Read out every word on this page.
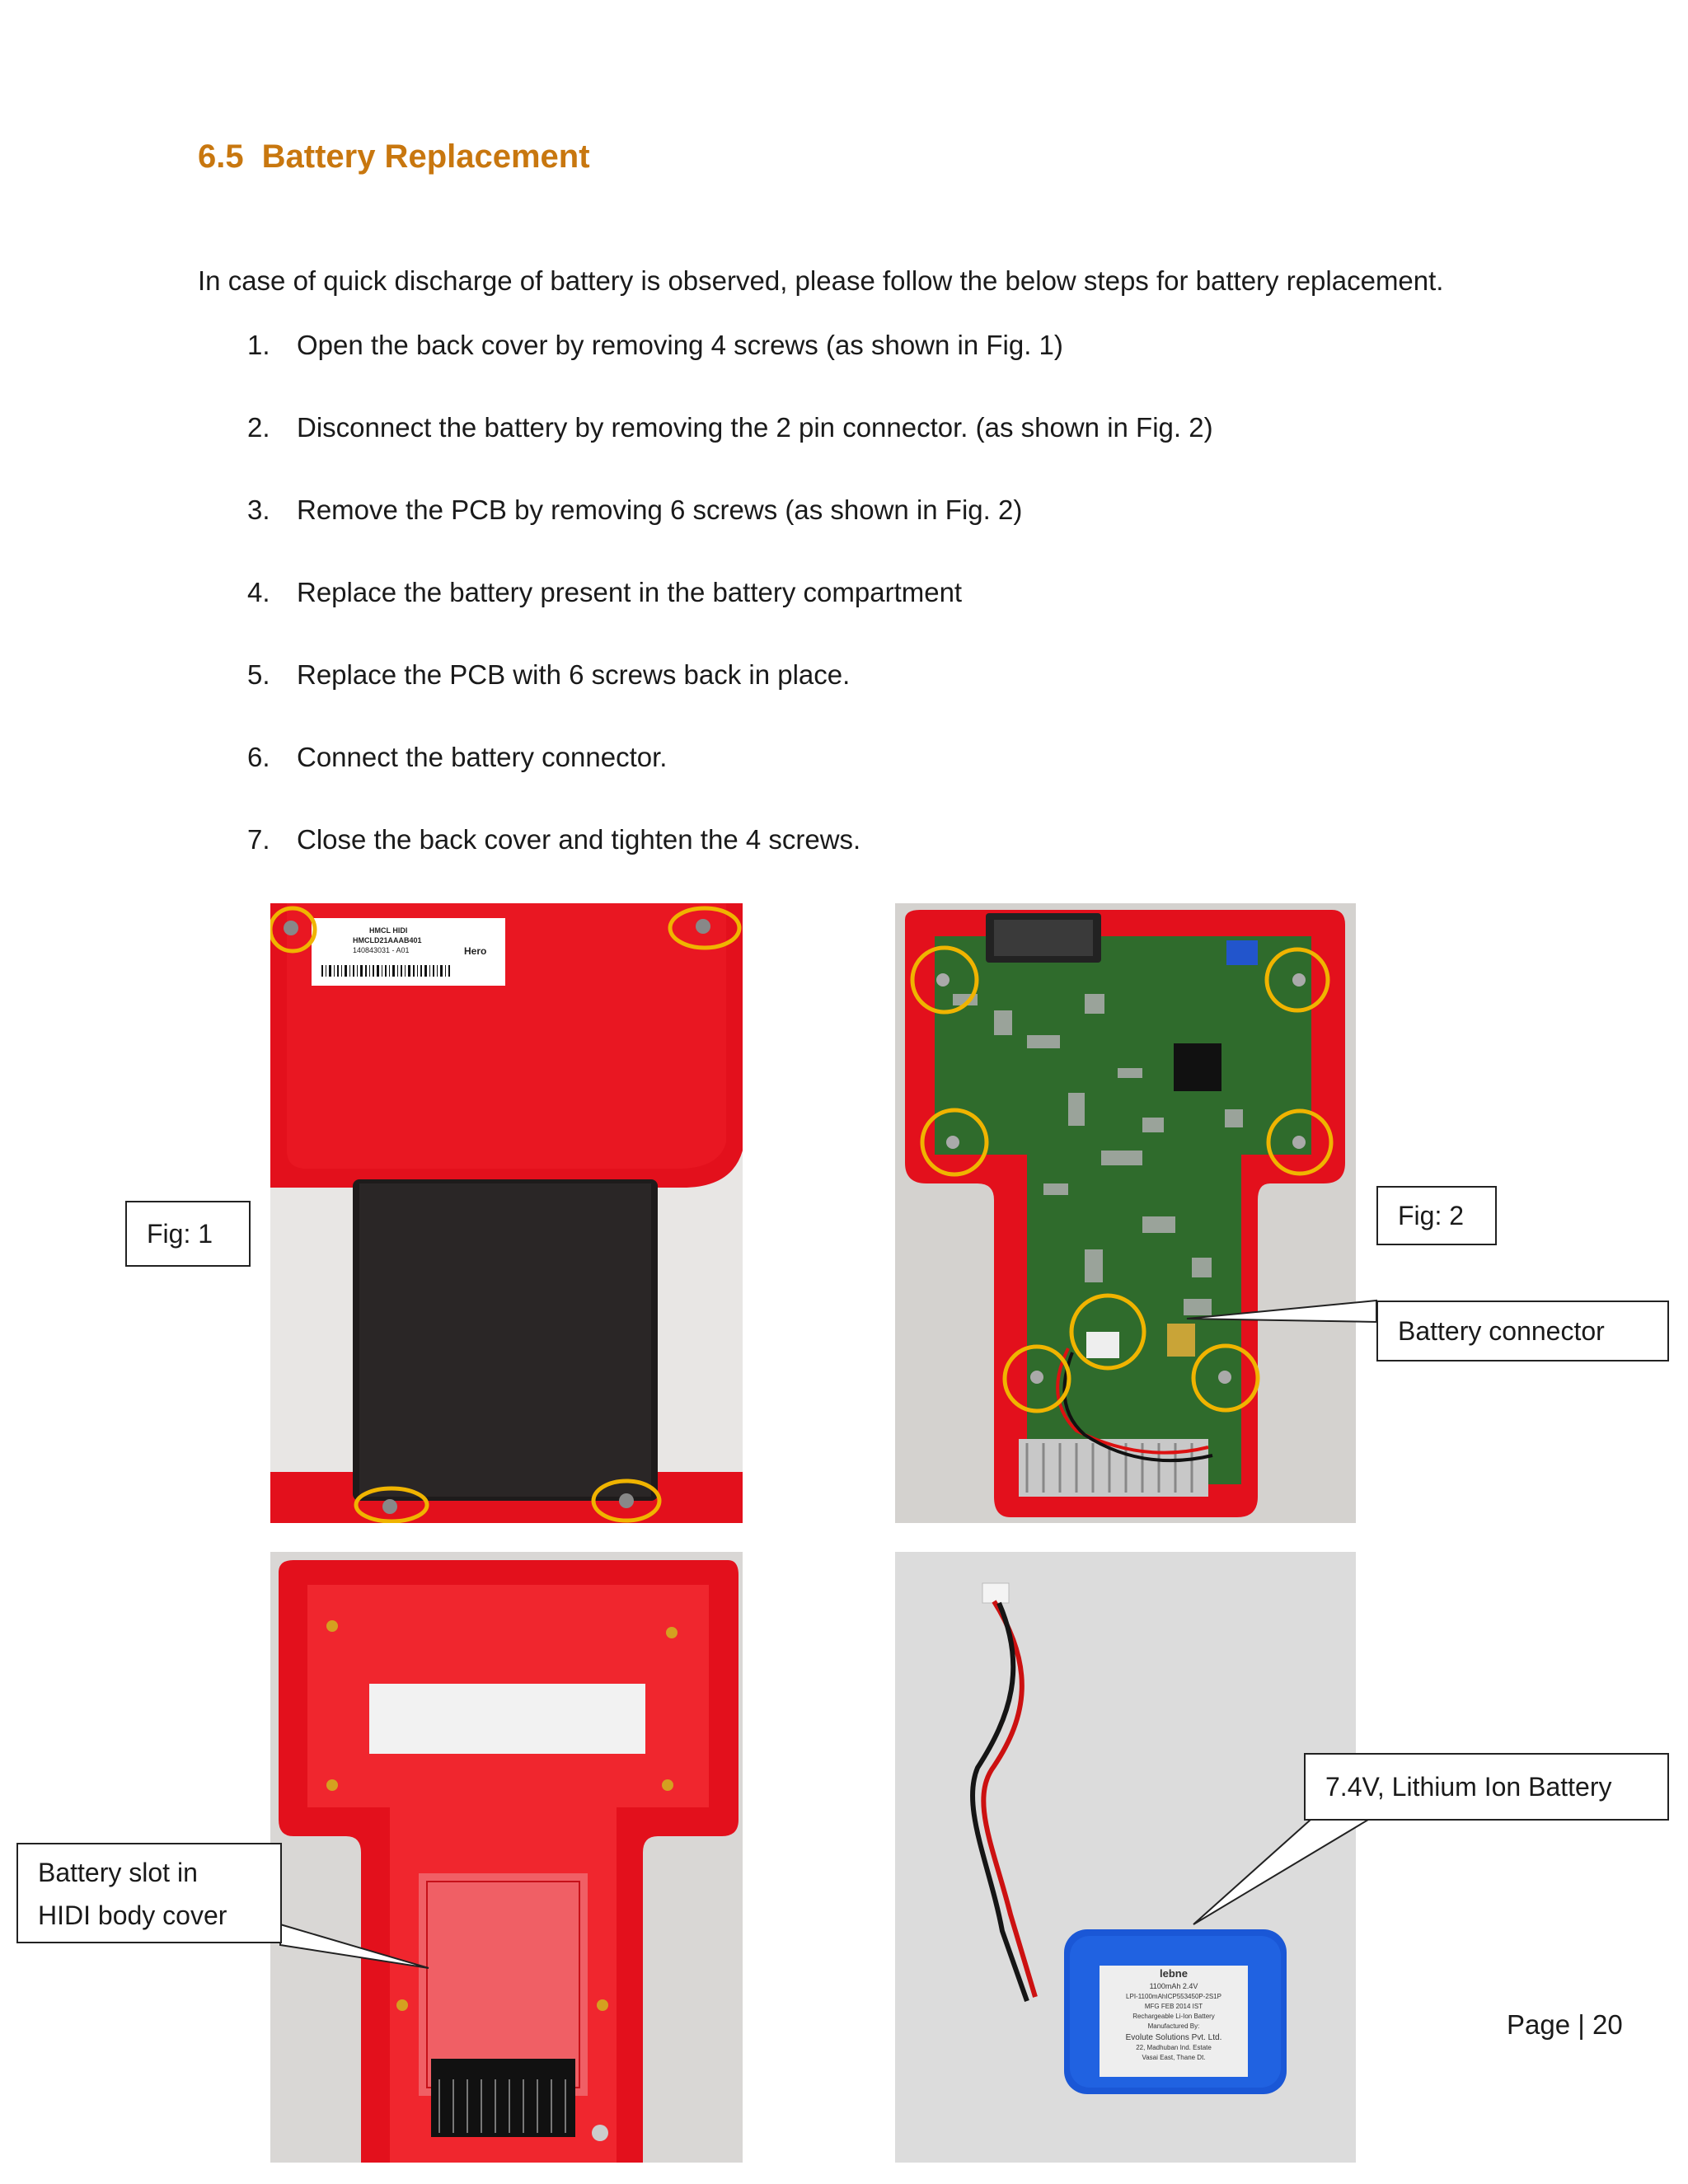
6.5 Battery Replacement
In case of quick discharge of battery is observed, please follow the below steps for battery replacement.
1. Open the back cover by removing 4 screws (as shown in Fig. 1)
2. Disconnect the battery by removing the 2 pin connector. (as shown in Fig. 2)
3. Remove the PCB by removing 6 screws (as shown in Fig. 2)
4. Replace the battery present in the battery compartment
5. Replace the PCB with 6 screws back in place.
6. Connect the battery connector.
7. Close the back cover and tighten the 4 screws.
HMCL HIDI
HMCLD21AAAB401
140843031 - A01	Hero
lebne
1100mAh 2.4V
LPI-1100mAhICP553450P-2S1P
MFG FEB 2014 IST
Rechargeable Li-Ion Battery
Manufactured By:
Evolute Solutions Pvt. Ltd.
22, Madhuban Ind. Estate
Vasai East, Thane Dt.
Fig: 1
Fig: 2
Battery connector
Battery slot in
HIDI body cover
7.4V, Lithium Ion Battery
Page | 20
